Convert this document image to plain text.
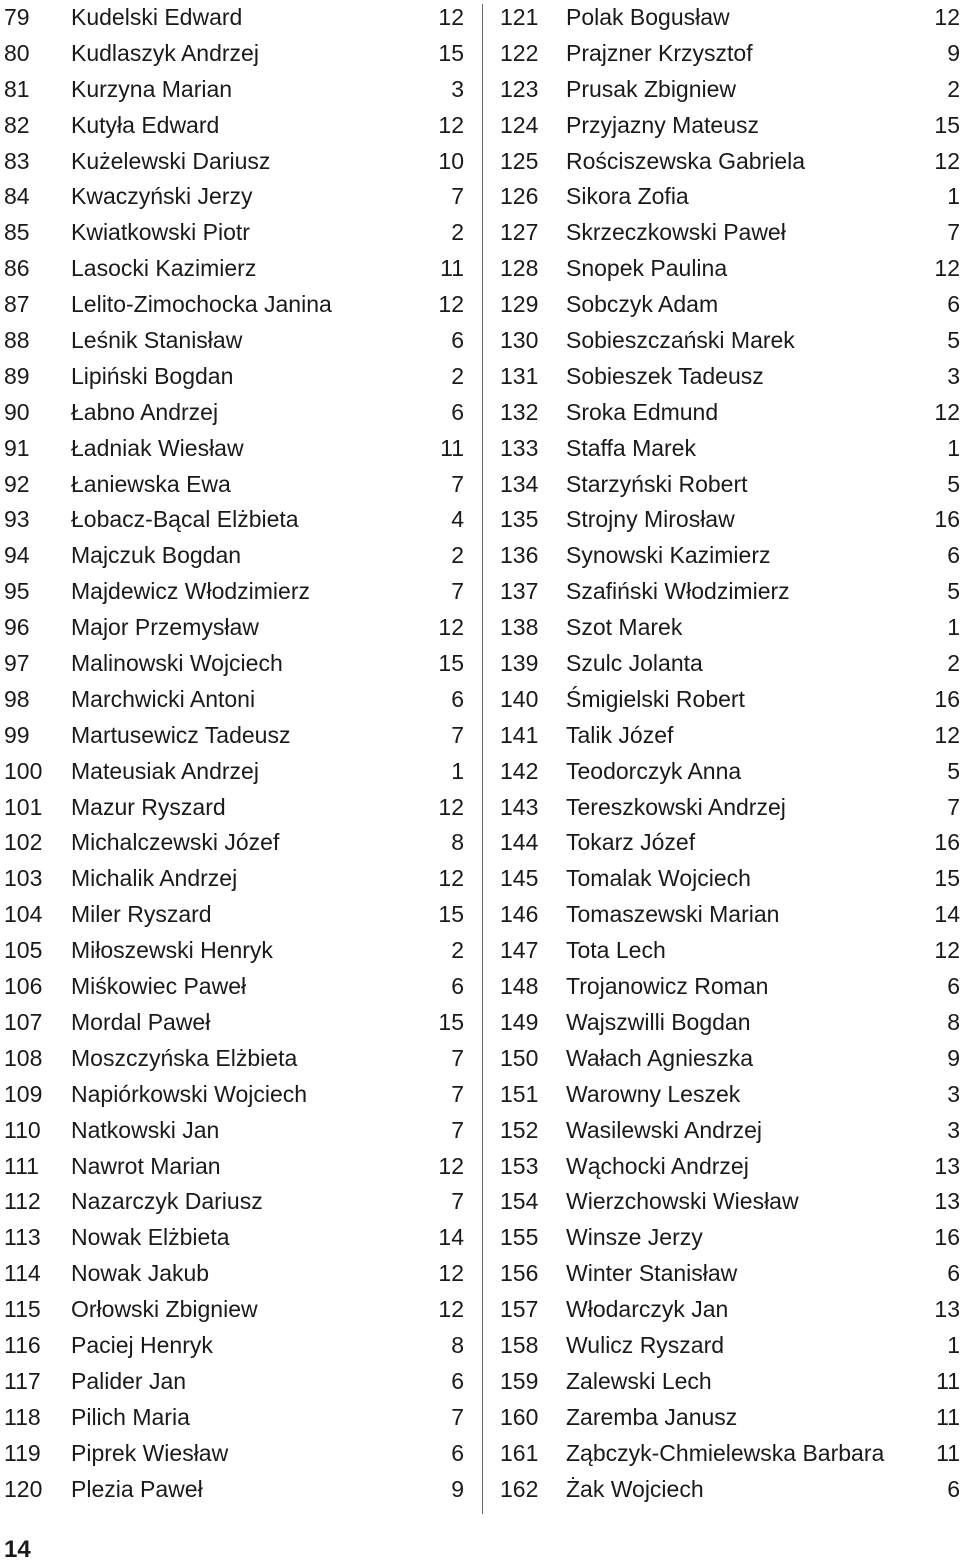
79 Kudelski Edward	12
80 Kudlaszyk Andrzej	15
81 Kurzyna Marian	3
82 Kutyła Edward	12
83 Kużelewski Dariusz	10
84 Kwaczyński Jerzy	7
85 Kwiatkowski Piotr	2
86 Lasocki Kazimierz	11
87 Lelito-Zimochocka Janina	12
88 Leśnik Stanisław	6
89 Lipiński Bogdan	2
90 Łabno Andrzej	6
91 Ładniak Wiesław	11
92 Łaniewska Ewa	7
93 Łobacz-Bącal Elżbieta	4
94 Majczuk Bogdan	2
95 Majdewicz Włodzimierz	7
96 Major Przemysław	12
97 Malinowski Wojciech	15
98 Marchwicki Antoni	6
99 Martusewicz Tadeusz	7
100 Mateusiak Andrzej	1
101 Mazur Ryszard	12
102 Michalczewski Józef	8
103 Michalik Andrzej	12
104 Miler Ryszard	15
105 Miłoszewski Henryk	2
106 Miśkowiec Paweł	6
107 Mordal Paweł	15
108 Moszczyńska Elżbieta	7
109 Napiórkowski Wojciech	7
110 Natkowski Jan	7
111 Nawrot Marian	12
112 Nazarczyk Dariusz	7
113 Nowak Elżbieta	14
114 Nowak Jakub	12
115 Orłowski Zbigniew	12
116 Paciej Henryk	8
117 Palider Jan	6
118 Pilich Maria	7
119 Piprek Wiesław	6
120 Plezia Paweł	9
121 Polak Bogusław	12
122 Prajzner Krzysztof	9
123 Prusak Zbigniew	2
124 Przyjazny Mateusz	15
125 Rościszewska Gabriela	12
126 Sikora Zofia	1
127 Skrzeczkowski Paweł	7
128 Snopek Paulina	12
129 Sobczyk Adam	6
130 Sobieszczański Marek	5
131 Sobieszek Tadeusz	3
132 Sroka Edmund	12
133 Staffa Marek	1
134 Starzyński Robert	5
135 Strojny Mirosław	16
136 Synowski Kazimierz	6
137 Szafiński Włodzimierz	5
138 Szot Marek	1
139 Szulc Jolanta	2
140 Śmigielski Robert	16
141 Talik Józef	12
142 Teodorczyk Anna	5
143 Tereszkowski Andrzej	7
144 Tokarz Józef	16
145 Tomalak Wojciech	15
146 Tomaszewski Marian	14
147 Tota Lech	12
148 Trojanowicz Roman	6
149 Wajszwilli Bogdan	8
150 Wałach Agnieszka	9
151 Warowny Leszek	3
152 Wasilewski Andrzej	3
153 Wąchocki Andrzej	13
154 Wierzchowski Wiesław	13
155 Winsze Jerzy	16
156 Winter Stanisław	6
157 Włodarczyk Jan	13
158 Wulicz Ryszard	1
159 Zalewski Lech	11
160 Zaremba Janusz	11
161 Ząbczyk-Chmielewska Barbara 11
162 Żak Wojciech	6
14
